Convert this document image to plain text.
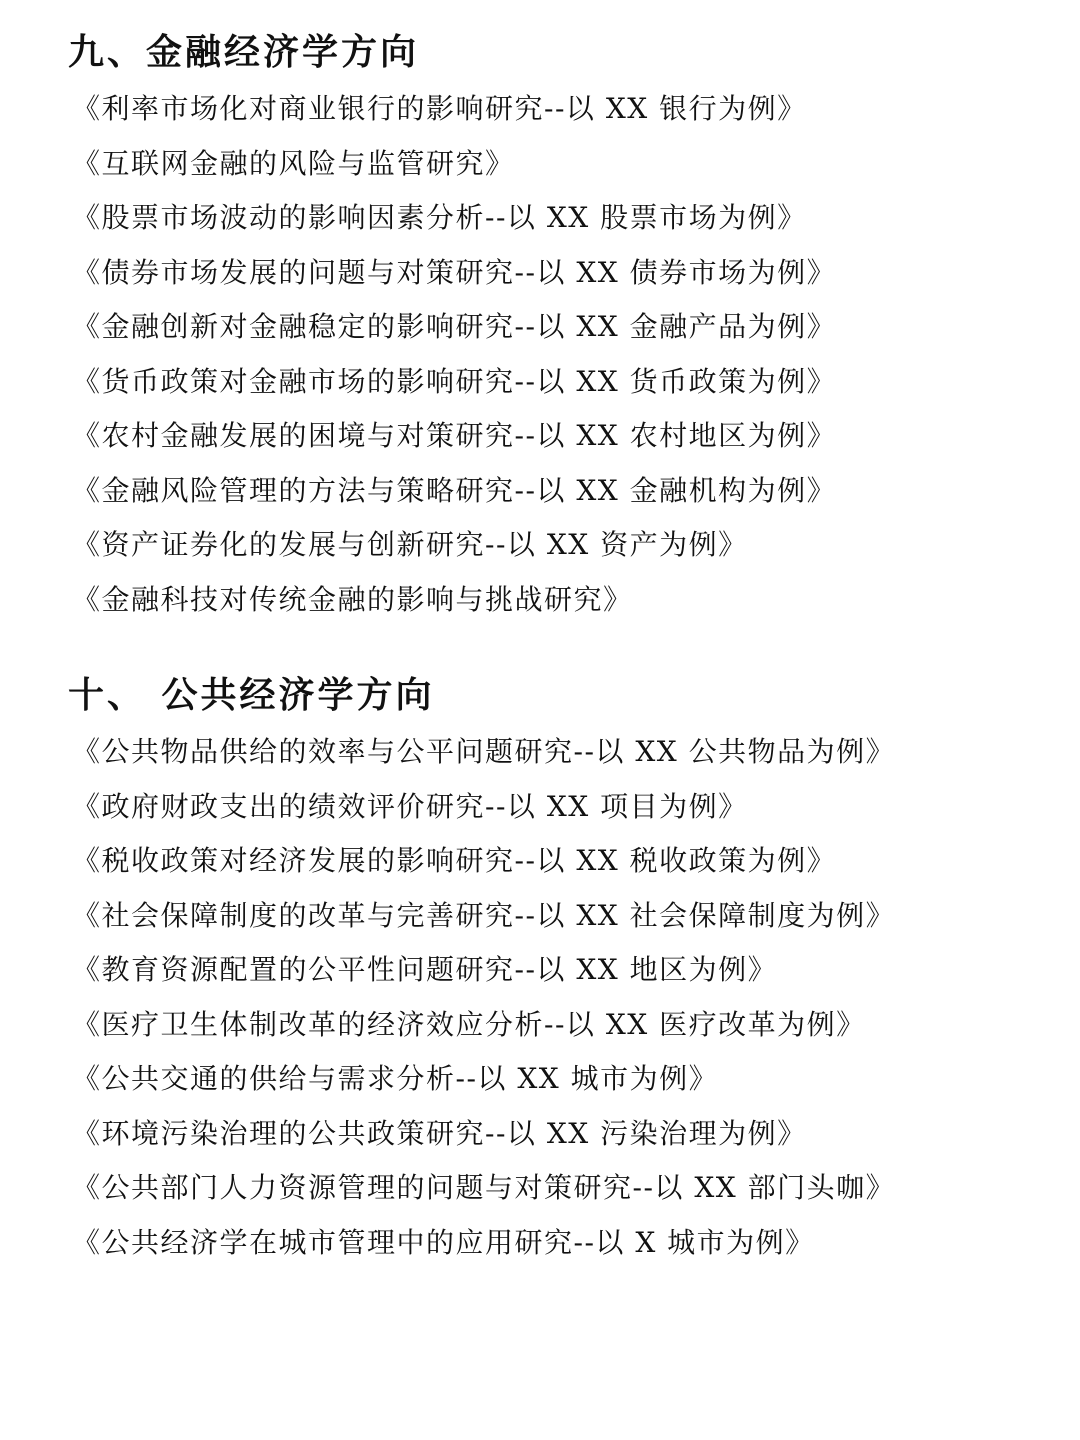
九、金融经济学方向
《利率市场化对商业银行的影响研究--以 XX 银行为例》
《互联网金融的风险与监管研究》
《股票市场波动的影响因素分析--以 XX 股票市场为例》
《债券市场发展的问题与对策研究--以 XX 债券市场为例》
《金融创新对金融稳定的影响研究--以 XX 金融产品为例》
《货币政策对金融市场的影响研究--以 XX 货币政策为例》
《农村金融发展的困境与对策研究--以 XX 农村地区为例》
《金融风险管理的方法与策略研究--以 XX 金融机构为例》
《资产证券化的发展与创新研究--以 XX 资产为例》
《金融科技对传统金融的影响与挑战研究》
十、 公共经济学方向
《公共物品供给的效率与公平问题研究--以 XX 公共物品为例》
《政府财政支出的绩效评价研究--以 XX 项目为例》
《税收政策对经济发展的影响研究--以 XX 税收政策为例》
《社会保障制度的改革与完善研究--以 XX 社会保障制度为例》
《教育资源配置的公平性问题研究--以 XX 地区为例》
《医疗卫生体制改革的经济效应分析--以 XX 医疗改革为例》
《公共交通的供给与需求分析--以 XX 城市为例》
《环境污染治理的公共政策研究--以 XX 污染治理为例》
《公共部门人力资源管理的问题与对策研究--以 XX 部门头咖》
《公共经济学在城市管理中的应用研究--以 X 城市为例》
